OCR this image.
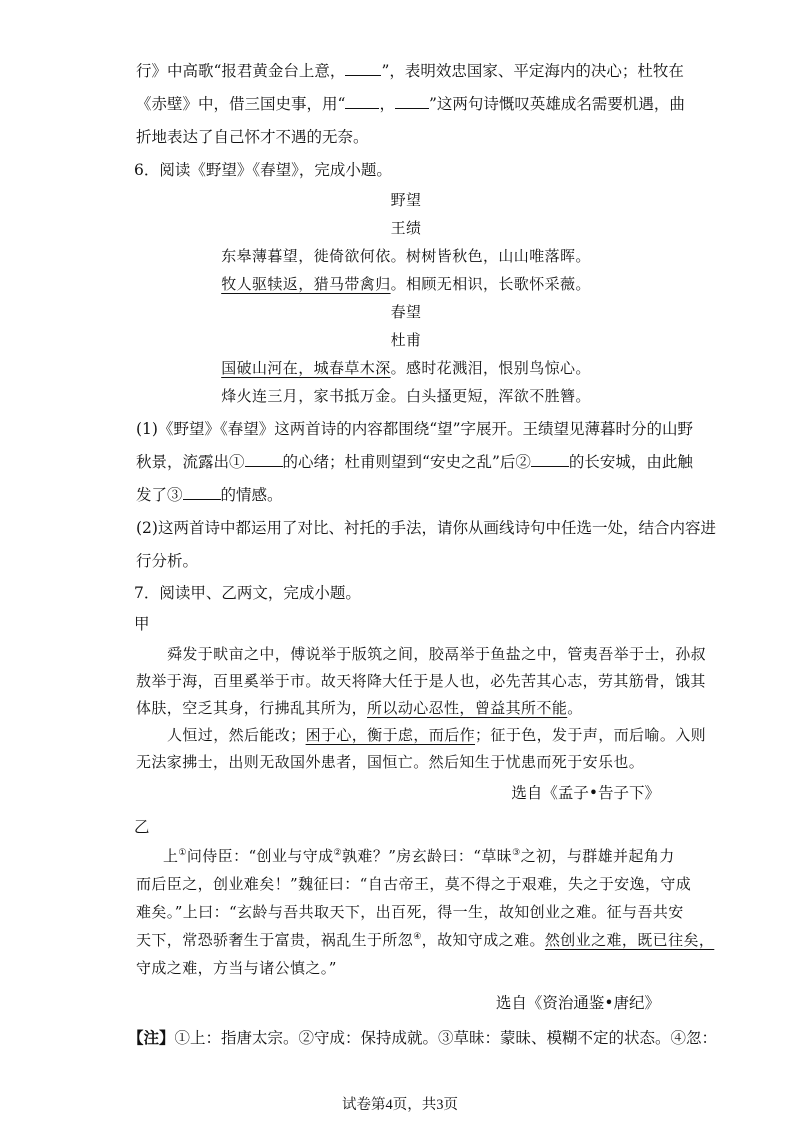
行》中高歌“报君黄金台上意， ”，表明效忠国家、平定海内的决心；杜牧在
《赤壁》中，借三国史事，用“ ， ”这两句诗慨叹英雄成名需要机遇，曲
折地表达了自己怀才不遇的无奈。
6．阅读《野望》《春望》，完成小题。
野望
王绩
东皋薄暮望，徙倚欲何依。树树皆秋色，山山唯落晖。
牧人驱犊返，猎马带禽归。相顾无相识，长歌怀采薇。
春望
杜甫
国破山河在，城春草木深。感时花溅泪，恨别鸟惊心。
烽火连三月，家书抵万金。白头搔更短，浑欲不胜簪。
(1)《野望》《春望》这两首诗的内容都围绕“望”字展开。王绩望见薄暮时分的山野
秋景，流露出① 的心绪；杜甫则望到“安史之乱”后② 的长安城，由此触
发了③ 的情感。
(2)这两首诗中都运用了对比、衬托的手法，请你从画线诗句中任选一处，结合内容进
行分析。
7．阅读甲、乙两文，完成小题。
甲
舜发于畎亩之中，傅说举于版筑之间，胶鬲举于鱼盐之中，管夷吾举于士，孙叔
敖举于海，百里奚举于市。故天将降大任于是人也，必先苦其心志，劳其筋骨，饿其
体肤，空乏其身，行拂乱其所为，所以动心忍性，曾益其所不能。
人恒过，然后能改；困于心，衡于虑，而后作；征于色，发于声，而后喻。入则
无法家拂士，出则无敌国外患者，国恒亡。然后知生于忧患而死于安乐也。
选自《孟子•告子下》
乙
上①问侍臣：“创业与守成②孰难？”房玄龄曰：“草昧③之初，与群雄并起角力
而后臣之，创业难矣！”魏征曰：“自古帝王，莫不得之于艰难，失之于安逸，守成
难矣。”上曰：“玄龄与吾共取天下，出百死，得一生，故知创业之难。征与吾共安
天下，常恐骄奢生于富贵，祸乱生于所忽④，故知守成之难。然创业之难，既已往矣，
守成之难，方当与诸公慎之。”
选自《资治通鉴•唐纪》
【注】①上：指唐太宗。②守成：保持成就。③草昧：蒙昧、模糊不定的状态。④忽：
试卷第4页，共3页
